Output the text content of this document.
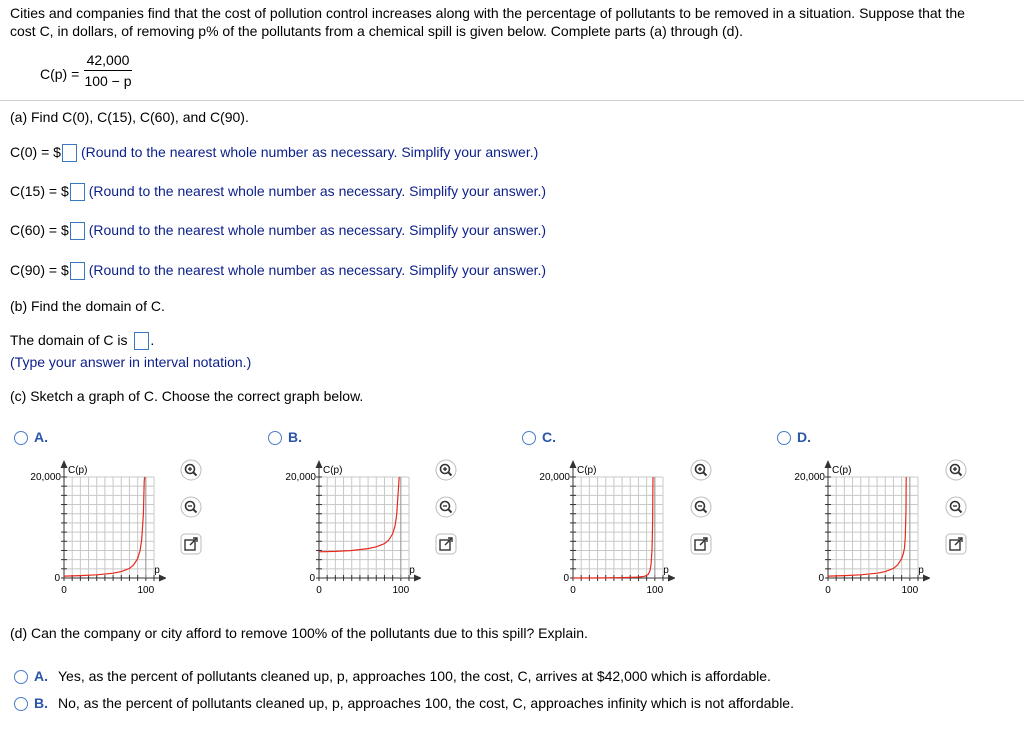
Cities and companies find that the cost of pollution control increases along with the percentage of pollutants to be removed in a situation. Suppose that the
cost C, in dollars, of removing p% of the pollutants from a chemical spill is given below. Complete parts (a) through (d).
C(p) =
42,000
100 − p
(a) Find C(0), C(15), C(60), and C(90).
C(0) = $ (Round to the nearest whole number as necessary. Simplify your answer.)
C(15) = $ (Round to the nearest whole number as necessary. Simplify your answer.)
C(60) = $ (Round to the nearest whole number as necessary. Simplify your answer.)
C(90) = $ (Round to the nearest whole number as necessary. Simplify your answer.)
(b) Find the domain of C.
The domain of C is .
(Type your answer in interval notation.)
(c) Sketch a graph of C. Choose the correct graph below.
A.
C(p)
20,000
0
0	100
p
B.
C(p)
20,000
0
0	100
p
C.
C(p)
20,000
0
0	100
p
D.
C(p)
20,000
0
0	100
p
(d) Can the company or city afford to remove 100% of the pollutants due to this spill? Explain.
A. Yes, as the percent of pollutants cleaned up, p, approaches 100, the cost, C, arrives at $42,000 which is affordable.
B. No, as the percent of pollutants cleaned up, p, approaches 100, the cost, C, approaches infinity which is not affordable.
